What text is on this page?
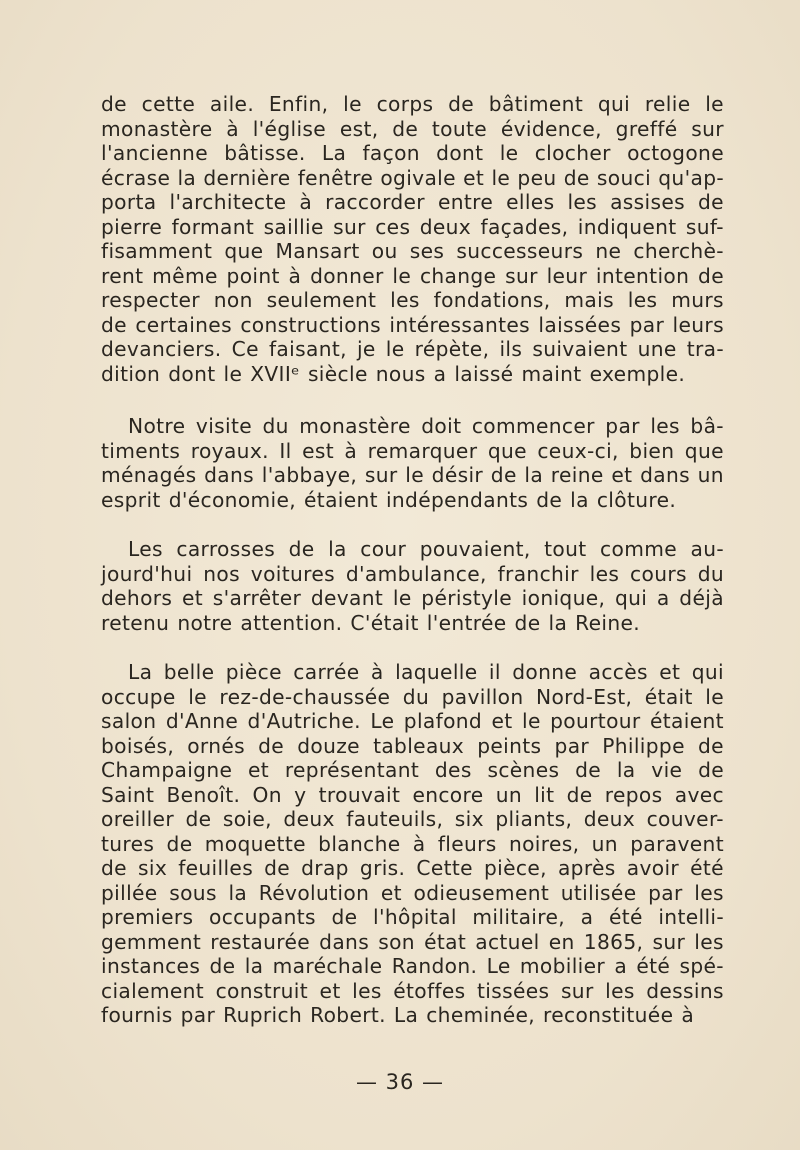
de cette aile. Enfin, le corps de bâtiment qui relie le
monastère à l'église est, de toute évidence, greffé sur
l'ancienne bâtisse. La façon dont le clocher octogone
écrase la dernière fenêtre ogivale et le peu de souci qu'ap-
porta l'architecte à raccorder entre elles les assises de
pierre formant saillie sur ces deux façades, indiquent suf-
fisamment que Mansart ou ses successeurs ne cherchè-
rent même point à donner le change sur leur intention de
respecter non seulement les fondations, mais les murs
de certaines constructions intéressantes laissées par leurs
devanciers. Ce faisant, je le répète, ils suivaient une tra-
dition dont le XVIIᵉ siècle nous a laissé maint exemple.
Notre visite du monastère doit commencer par les bâ-
timents royaux. Il est à remarquer que ceux-ci, bien que
ménagés dans l'abbaye, sur le désir de la reine et dans un
esprit d'économie, étaient indépendants de la clôture.
Les carrosses de la cour pouvaient, tout comme au-
jourd'hui nos voitures d'ambulance, franchir les cours du
dehors et s'arrêter devant le péristyle ionique, qui a déjà
retenu notre attention. C'était l'entrée de la Reine.
La belle pièce carrée à laquelle il donne accès et qui
occupe le rez-de-chaussée du pavillon Nord-Est, était le
salon d'Anne d'Autriche. Le plafond et le pourtour étaient
boisés, ornés de douze tableaux peints par Philippe de
Champaigne et représentant des scènes de la vie de
Saint Benoît. On y trouvait encore un lit de repos avec
oreiller de soie, deux fauteuils, six pliants, deux couver-
tures de moquette blanche à fleurs noires, un paravent
de six feuilles de drap gris. Cette pièce, après avoir été
pillée sous la Révolution et odieusement utilisée par les
premiers occupants de l'hôpital militaire, a été intelli-
gemment restaurée dans son état actuel en 1865, sur les
instances de la maréchale Randon. Le mobilier a été spé-
cialement construit et les étoffes tissées sur les dessins
fournis par Ruprich Robert. La cheminée, reconstituée à
— 36 —
